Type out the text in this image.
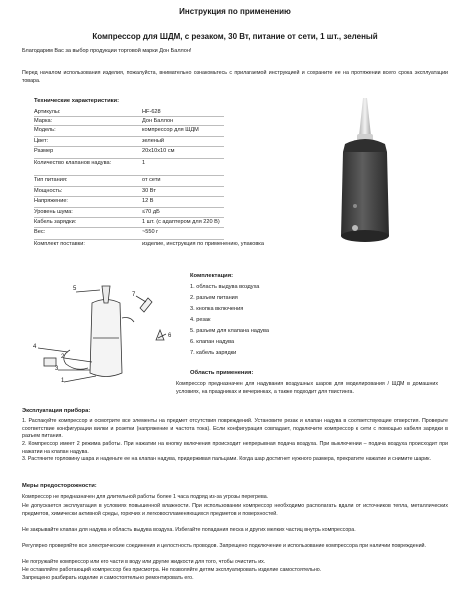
Инструкция по применению
Компрессор для ШДМ, с резаком, 30 Вт, питание от сети, 1 шт., зеленый
Благодарим Вас за выбор продукции торговой марки Дон Баллон!
Перед началом использования изделия, пожалуйста, внимательно ознакомьтесь с прилагаемой инструкцией и сохраните ее на протяжении всего срока эксплуатации товара.
Технические характеристики:
Артикулы:	HF-628
Марка:	Дон Баллон
Модель:	компрессор для ШДМ
Цвет:	зеленый
Размер	20x10x10 см
Количество клапанов надува:	1
Тип питания:	от сети
Мощность:	30 Вт
Напряжение:	12 В
Уровень шума:	≤70 дБ
Кабель зарядки:	1 шт. (с адаптером для 220 В)
Вес:	~550 г
Комплект поставки:	изделие, инструкция по применению, упаковка
5
7
6
4
2
3
1
Комплектация:
1. область выдува воздуха
2. разъем питания
3. кнопка включения
4. резак
5. разъем для клапана надува
6. клапан надува
7. кабель зарядки
Область применения:
Компрессор предназначен для надувания воздушных шаров для моделирования / ШДМ в домашних условиях, на праздниках и вечеринках, а также подходит для твистинга.
Эксплуатация прибора:
1. Распакуйте компрессор и осмотрите все элементы на предмет отсутствия повреждений. Установите резак и клапан надува в соответствующие отверстия. Проверьте соответствие конфигурации вилки и розетки (напряжение и частота тока). Если конфигурация совпадает, подключите компрессор к сети с помощью кабеля зарядки в разъем питания.
2. Компрессор имеет 2 режима работы. При нажатии на кнопку включения происходит непрерывная подача воздуха. При выключении – подача воздуха происходит при нажатии на клапан надува.
3. Растяните горловину шара и наденьте ее на клапан надува, придерживая пальцами. Когда шар достигнет нужного размера, прекратите нажатие и снимите шарик.
Меры предосторожности:
Компрессор не предназначен для длительной работы более 1 часа подряд из-за угрозы перегрева.
Не допускается эксплуатация в условиях повышенной влажности. При использовании компрессор необходимо располагать вдали от источников тепла, металлических предметов, химически активной среды, горючих и легковоспламеняющихся предметов и поверхностей.
Не закрывайте клапан для надува и область выдува воздуха. Избегайте попадания песка и других мелких частиц внутрь компрессора.
Регулярно проверяйте все электрические соединения и целостность проводов. Запрещено подключение и использование компрессора при наличии повреждений.
Не погружайте компрессор или его части в воду или другие жидкости для того, чтобы очистить их.
Не оставляйте работающий компрессор без присмотра. Не позволяйте детям эксплуатировать изделие самостоятельно.
Запрещено разбирать изделие и самостоятельно ремонтировать его.
